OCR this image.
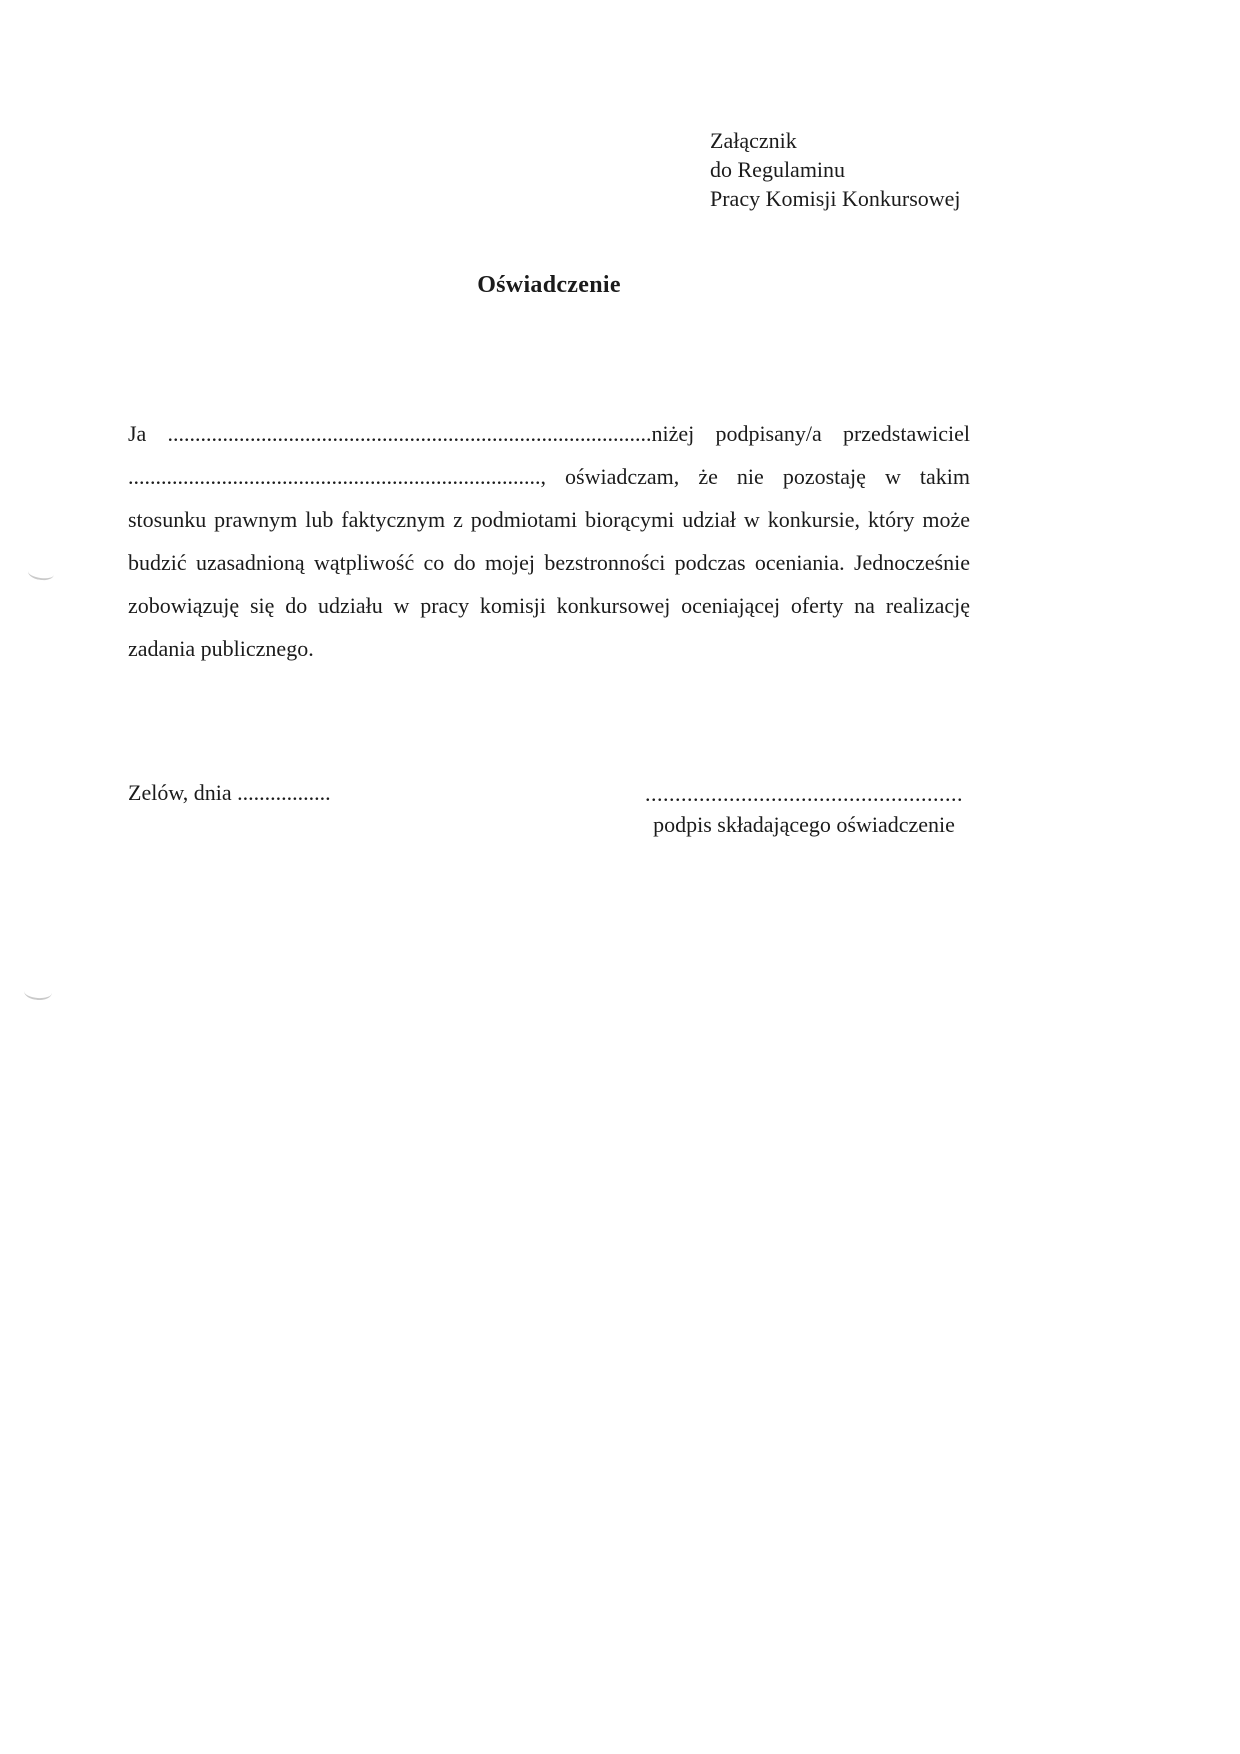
Załącznik
do Regulaminu
Pracy Komisji Konkursowej
Oświadczenie
Ja ........................................................................................niżej podpisany/a przedstawiciel
..........................................................................., oświadczam, że nie pozostaję w takim
stosunku prawnym lub faktycznym z podmiotami biorącymi udział w konkursie, który może
budzić uzasadnioną wątpliwość co do mojej bezstronności podczas oceniania. Jednocześnie
zobowiązuję się do udziału w pracy komisji konkursowej oceniającej oferty na realizację
zadania publicznego.
Zelów, dnia .................	.....................................................
podpis składającego oświadczenie
